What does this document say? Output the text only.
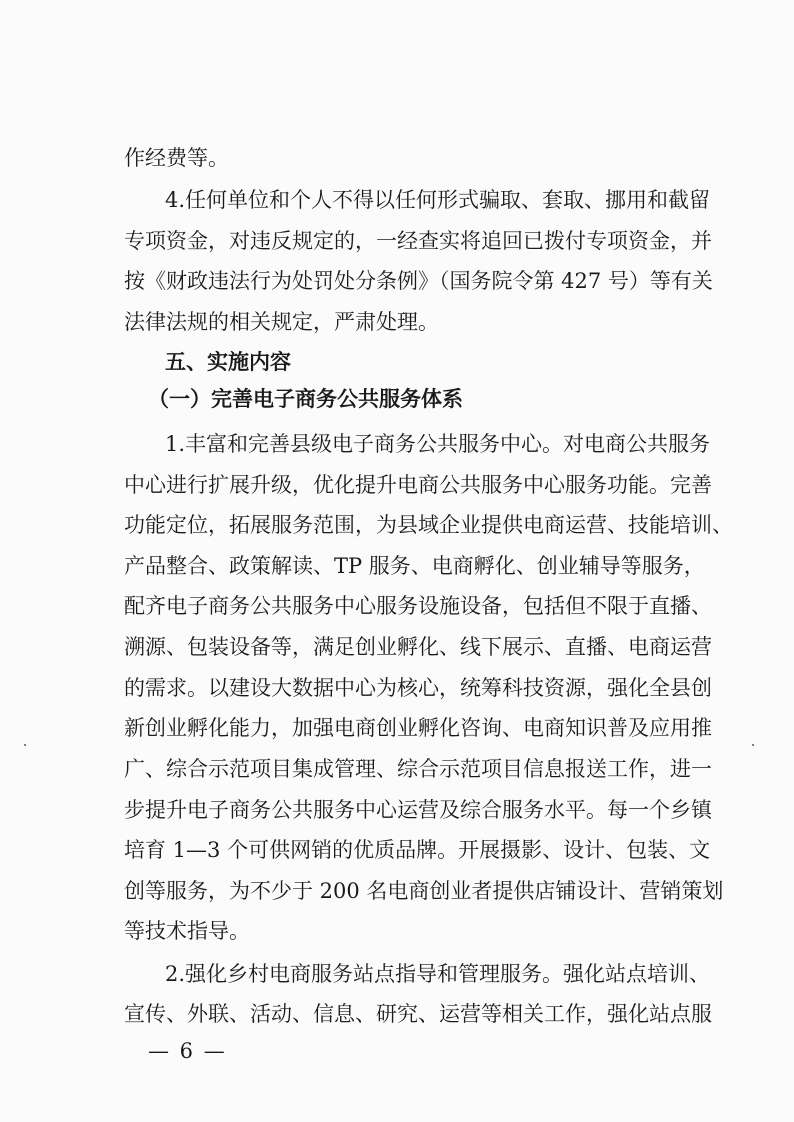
作经费等。
4.任何单位和个人不得以任何形式骗取、套取、挪用和截留
专项资金，对违反规定的，一经查实将追回已拨付专项资金，并
按《财政违法行为处罚处分条例》（国务院令第 427 号）等有关
法律法规的相关规定，严肃处理。
五、实施内容
（一）完善电子商务公共服务体系
1.丰富和完善县级电子商务公共服务中心。对电商公共服务
中心进行扩展升级，优化提升电商公共服务中心服务功能。完善
功能定位，拓展服务范围，为县域企业提供电商运营、技能培训、
产品整合、政策解读、TP 服务、电商孵化、创业辅导等服务，
配齐电子商务公共服务中心服务设施设备，包括但不限于直播、
溯源、包装设备等，满足创业孵化、线下展示、直播、电商运营
的需求。以建设大数据中心为核心，统筹科技资源，强化全县创
新创业孵化能力，加强电商创业孵化咨询、电商知识普及应用推
广、综合示范项目集成管理、综合示范项目信息报送工作，进一
步提升电子商务公共服务中心运营及综合服务水平。每一个乡镇
培育 1—3 个可供网销的优质品牌。开展摄影、设计、包装、文
创等服务，为不少于 200 名电商创业者提供店铺设计、营销策划
等技术指导。
2.强化乡村电商服务站点指导和管理服务。强化站点培训、
宣传、外联、活动、信息、研究、运营等相关工作，强化站点服
— 6 —
